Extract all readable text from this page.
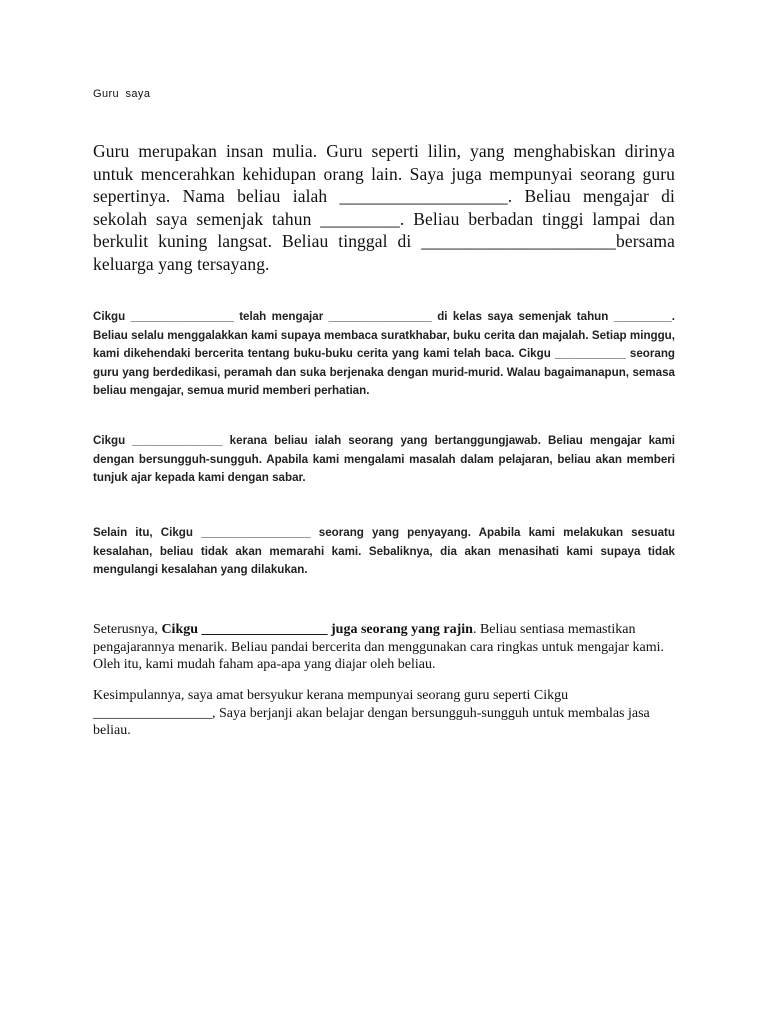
Guru saya
Guru merupakan insan mulia. Guru seperti lilin, yang menghabiskan dirinya untuk mencerahkan kehidupan orang lain. Saya juga mempunyai seorang guru sepertinya. Nama beliau ialah ___________________. Beliau mengajar di sekolah saya semenjak tahun _________. Beliau berbadan tinggi lampai dan berkulit kuning langsat. Beliau tinggal di ______________________bersama keluarga yang tersayang.
Cikgu ________________ telah mengajar ________________ di kelas saya semenjak tahun _________. Beliau selalu menggalakkan kami supaya membaca suratkhabar, buku cerita dan majalah. Setiap minggu, kami dikehendaki bercerita tentang buku-buku cerita yang kami telah baca. Cikgu ___________ seorang guru yang berdedikasi, peramah dan suka berjenaka dengan murid-murid. Walau bagaimanapun, semasa beliau mengajar, semua murid memberi perhatian.
Cikgu ______________ kerana beliau ialah seorang yang bertanggungjawab. Beliau mengajar kami dengan bersungguh-sungguh. Apabila kami mengalami masalah dalam pelajaran, beliau akan memberi tunjuk ajar kepada kami dengan sabar.
Selain itu, Cikgu _________________ seorang yang penyayang. Apabila kami melakukan sesuatu kesalahan, beliau tidak akan memarahi kami. Sebaliknya, dia akan menasihati kami supaya tidak mengulangi kesalahan yang dilakukan.
Seterusnya, Cikgu __________________ juga seorang yang rajin. Beliau sentiasa memastikan pengajarannya menarik. Beliau pandai bercerita dan menggunakan cara ringkas untuk mengajar kami. Oleh itu, kami mudah faham apa-apa yang diajar oleh beliau.
Kesimpulannya, saya amat bersyukur kerana mempunyai seorang guru seperti Cikgu _________________, Saya berjanji akan belajar dengan bersungguh-sungguh untuk membalas jasa beliau.
